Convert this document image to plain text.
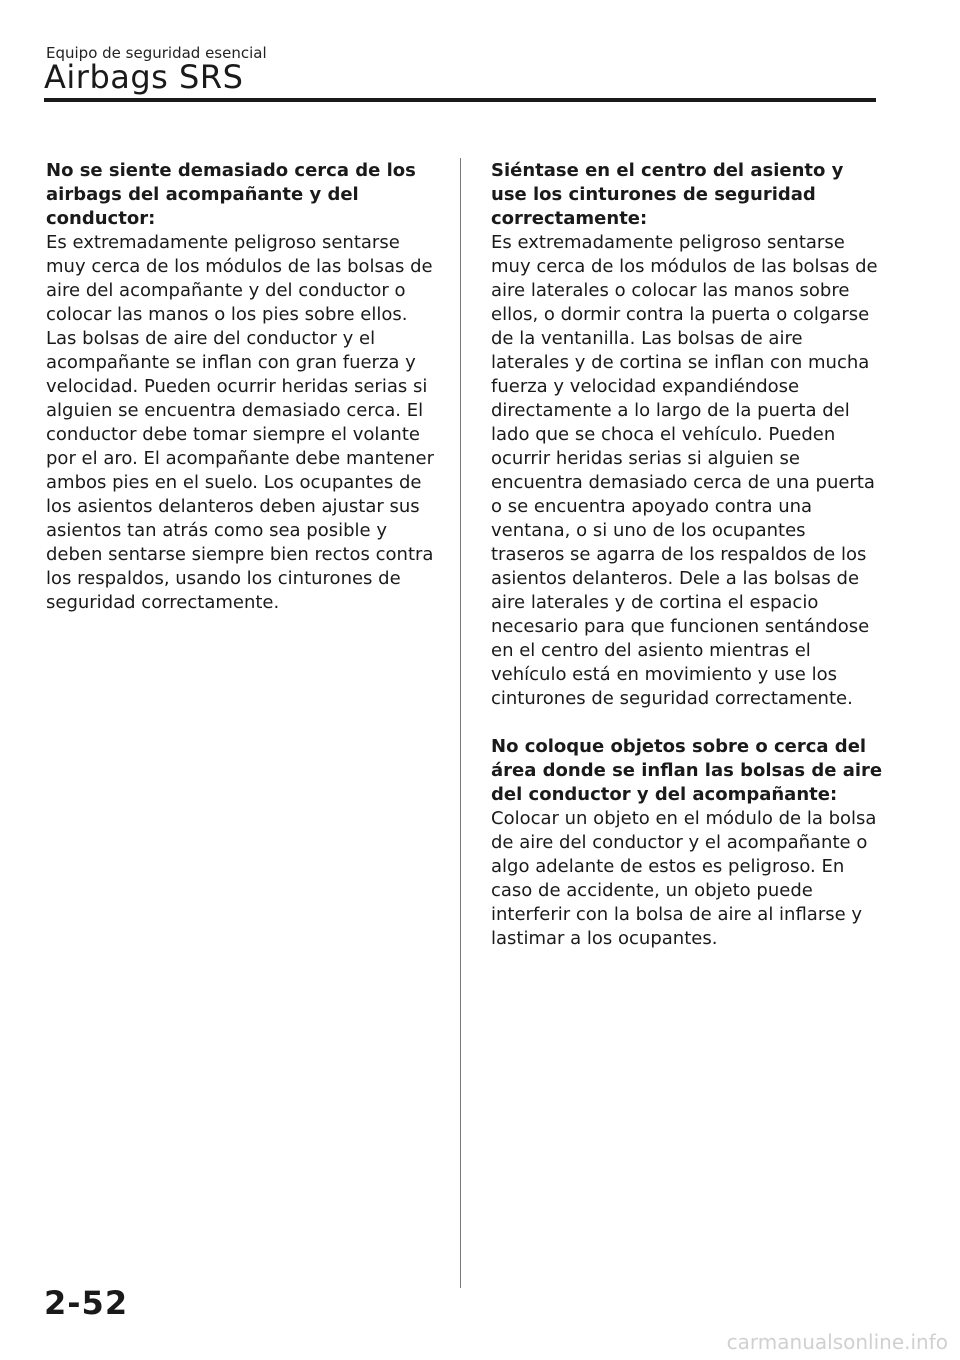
Equipo de seguridad esencial
Airbags SRS

No se siente demasiado cerca de los airbags del acompañante y del conductor:

Es extremadamente peligroso sentarse muy cerca de los módulos de las bolsas de aire del acompañante y del conductor o colocar las manos o los pies sobre ellos. Las bolsas de aire del conductor y el acompañante se inflan con gran fuerza y velocidad. Pueden ocurrir heridas serias si alguien se encuentra demasiado cerca. El conductor debe tomar siempre el volante por el aro. El acompañante debe mantener ambos pies en el suelo. Los ocupantes de los asientos delanteros deben ajustar sus asientos tan atrás como sea posible y deben sentarse siempre bien rectos contra los respaldos, usando los cinturones de seguridad correctamente.

Siéntase en el centro del asiento y use los cinturones de seguridad correctamente:

Es extremadamente peligroso sentarse muy cerca de los módulos de las bolsas de aire laterales o colocar las manos sobre ellos, o dormir contra la puerta o colgarse de la ventanilla. Las bolsas de aire laterales y de cortina se inflan con mucha fuerza y velocidad expandiéndose directamente a lo largo de la puerta del lado que se choca el vehículo. Pueden ocurrir heridas serias si alguien se encuentra demasiado cerca de una puerta o se encuentra apoyado contra una ventana, o si uno de los ocupantes traseros se agarra de los respaldos de los asientos delanteros. Dele a las bolsas de aire laterales y de cortina el espacio necesario para que funcionen sentándose en el centro del asiento mientras el vehículo está en movimiento y use los cinturones de seguridad correctamente.

No coloque objetos sobre o cerca del área donde se inflan las bolsas de aire del conductor y del acompañante:

Colocar un objeto en el módulo de la bolsa de aire del conductor y el acompañante o algo adelante de estos es peligroso. En caso de accidente, un objeto puede interferir con la bolsa de aire al inflarse y lastimar a los ocupantes.

2-52
carmanualsonline.info
